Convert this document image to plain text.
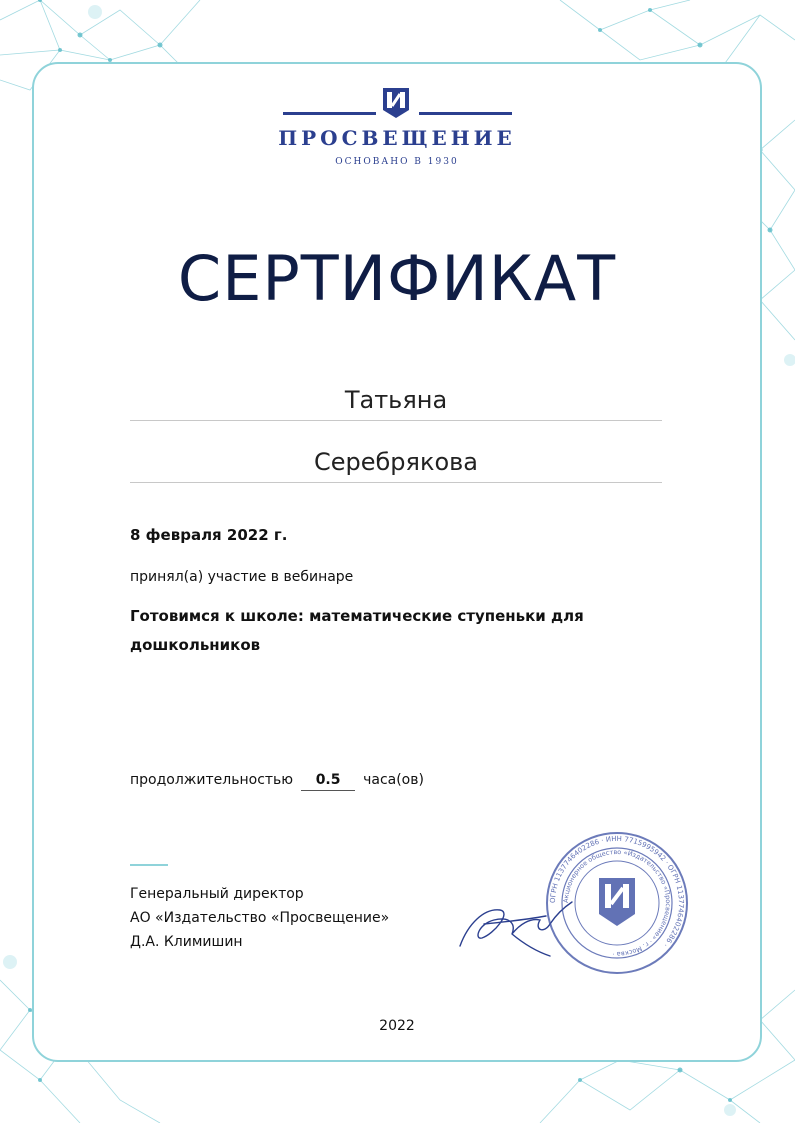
ПРОСВЕЩЕНИЕ
ОСНОВАНО В 1930
СЕРТИФИКАТ
Татьяна
Серебрякова
8 февраля 2022 г.
принял(а) участие в вебинаре
Готовимся к школе: математические ступеньки для дошкольников
продолжительностью 0.5 часа(ов)
Генеральный директор
АО «Издательство «Просвещение»
Д.А. Климишин
ОГРН 1137746402286 · ИНН 7715995942 · ОГРН 1137746402286 ·
Акционерное общество «Издательство «Просвещение» · г. Москва ·
2022
